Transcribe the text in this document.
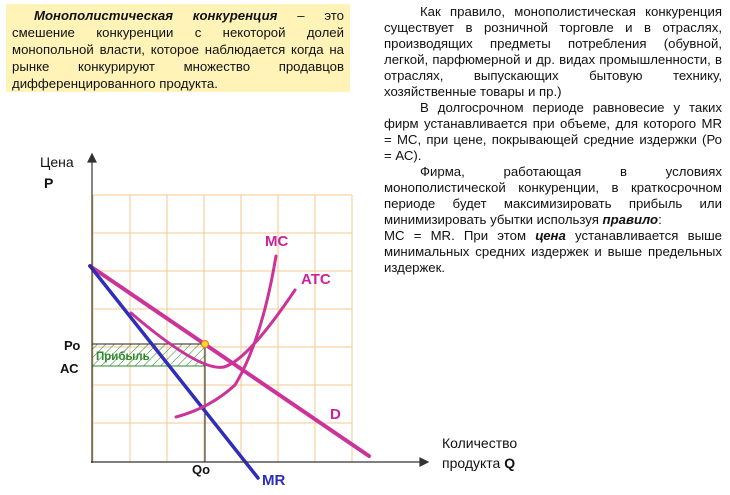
Монополистическая конкуренция – это смешение конкуренции с некоторой долей монопольной власти, которое наблюдается когда на рынке конкурируют множество продавцов дифференцированного продукта.

Как правило, монополистическая конкуренция существует в розничной торговле и в отраслях, производящих предметы потребления (обувной, легкой, парфюмерной и др. видах промышленности, в отраслях, выпускающих бытовую технику, хозяйственные товары и пр.)

В долгосрочном периоде равновесие у таких фирм устанавливается при объеме, для которого MR = MC, при цене, покрывающей средние издержки (Ро = АС).

Фирма, работающая в условиях монополистической конкуренции, в краткосрочном периоде будет максимизировать прибыль или минимизировать убытки используя правило:

MC = MR. При этом цена устанавливается выше минимальных средних издержек и выше предельных издержек.

Прибыль
Цена
Р
Количество
продукта Q
Ро
АС
Qо
MC
ATC
D
MR
